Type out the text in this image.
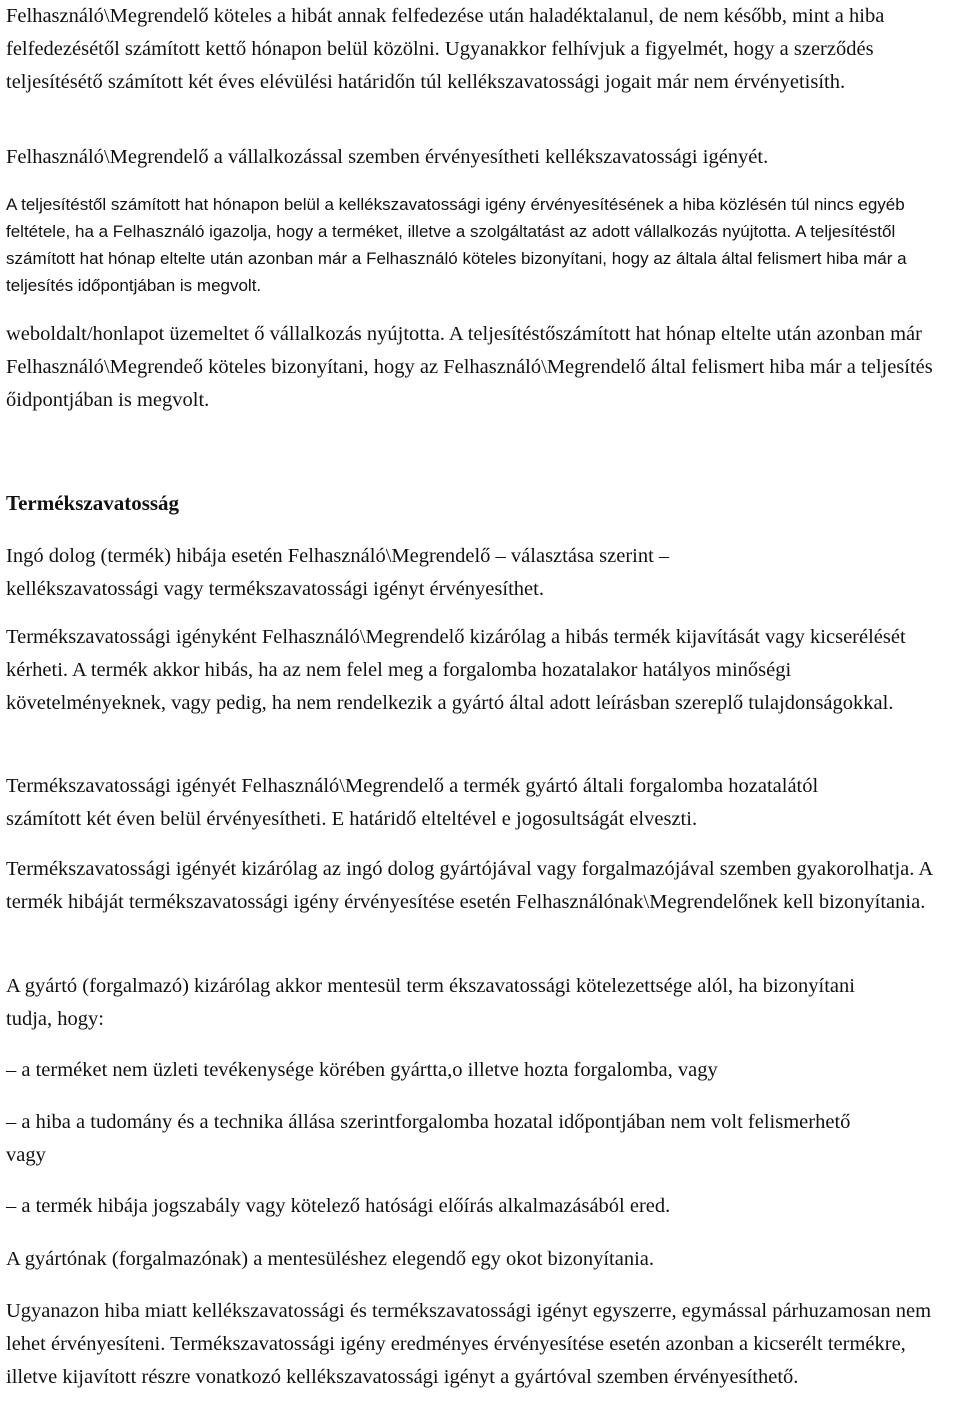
Felhasználó\Megrendelő köteles a hibát annak felfedezése után haladéktalanul, de nem később, mint a hiba felfedezésétől számított kettő hónapon belül közölni. Ugyanakkor felhívjuk a figyelmét, hogy a szerződés teljesítésétő számított két éves elévülési határidőn túl kellékszavatossági jogait már nem érvényetisíth.

Felhasználó\Megrendelő a vállalkozással szemben érvényesítheti kellékszavatossági igényét.

A teljesítéstől számított hat hónapon belül a kellékszavatossági igény érvényesítésének a hiba közlésén túl nincs egyéb feltétele, ha a Felhasználó igazolja, hogy a terméket, illetve a szolgáltatást az adott vállalkozás nyújtotta. A teljesítéstől számított hat hónap eltelte után azonban már a Felhasználó köteles bizonyítani, hogy az általa által felismert hiba már a teljesítés időpontjában is megvolt.

weboldalt/honlapot üzemeltet ő vállalkozás nyújtotta. A teljesítéstőszámított hat hónap eltelte után azonban már Felhasználó\Megrendeő köteles bizonyítani, hogy az Felhasználó\Megrendelő által felismert hiba már a teljesítés őidpontjában is megvolt.

Termékszavatosság

Ingó dolog (termék) hibája esetén Felhasználó\Megrendelő – választása szerint – kellékszavatossági vagy termékszavatossági igényt érvényesíthet.

Termékszavatossági igényként Felhasználó\Megrendelő kizárólag a hibás termék kijavítását vagy kicserélését kérheti. A termék akkor hibás, ha az nem felel meg a forgalomba hozatalakor hatályos minőségi követelményeknek, vagy pedig, ha nem rendelkezik a gyártó által adott leírásban szereplő tulajdonságokkal.

Termékszavatossági igényét Felhasználó\Megrendelő a termék gyártó általi forgalomba hozatalától számított két éven belül érvényesítheti. E határidő elteltével e jogosultságát elveszti.

Termékszavatossági igényét kizárólag az ingó dolog gyártójával vagy forgalmazójával szemben gyakorolhatja. A termék hibáját termékszavatossági igény érvényesítése esetén Felhasználónak\Megrendelőnek kell bizonyítania.

A gyártó (forgalmazó) kizárólag akkor mentesül term ékszavatossági kötelezettsége alól, ha bizonyítani tudja, hogy:

– a terméket nem üzleti tevékenysége körében gyártta,o illetve hozta forgalomba, vagy

– a hiba a tudomány és a technika állása szerintforgalomba hozatal időpontjában nem volt felismerhető vagy

– a termék hibája jogszabály vagy kötelező hatósági előírás alkalmazásából ered.

A gyártónak (forgalmazónak) a mentesüléshez elegendő egy okot bizonyítania.

Ugyanazon hiba miatt kellékszavatossági és termékszavatossági igényt egyszerre, egymással párhuzamosan nem lehet érvényesíteni. Termékszavatossági igény eredményes érvényesítése esetén azonban a kicserélt termékre, illetve kijavított részre vonatkozó kellékszavatossági igényt a gyártóval szemben érvényesíthető.
